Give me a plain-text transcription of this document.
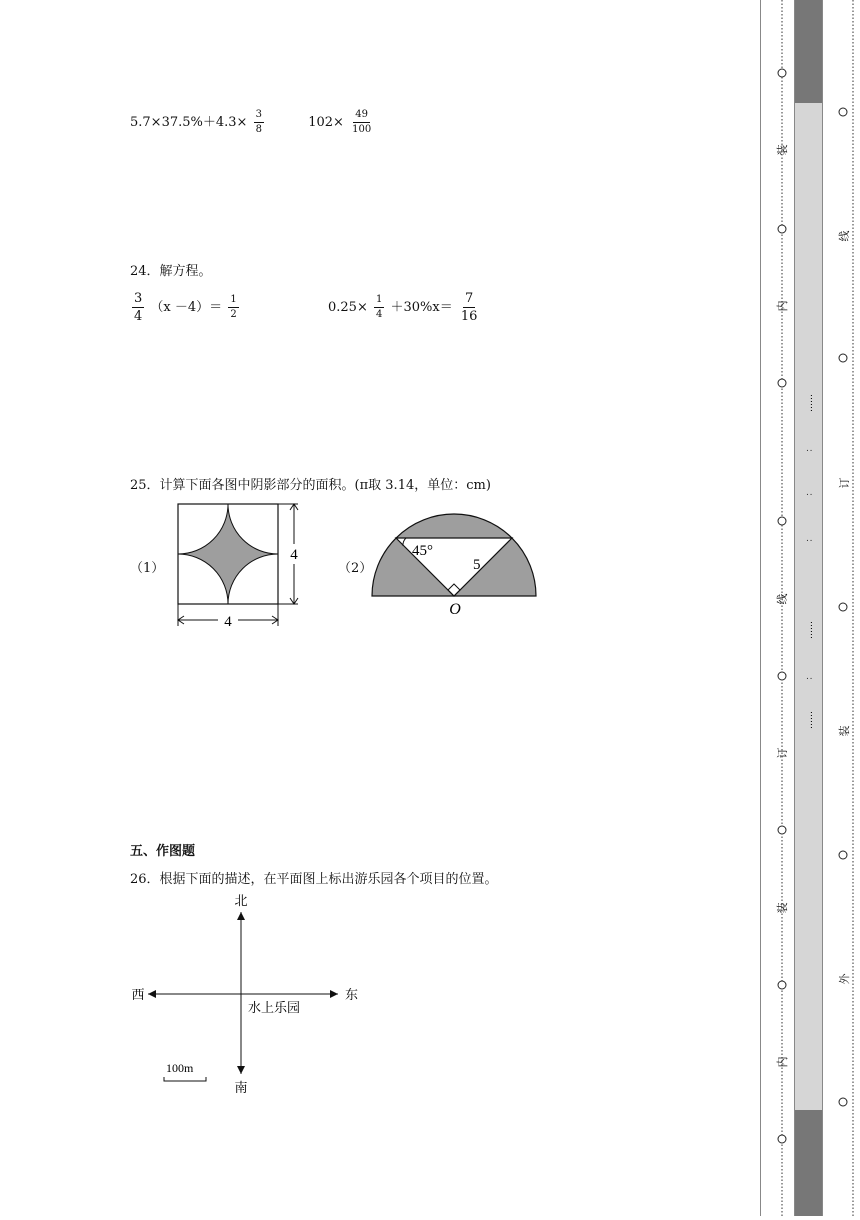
$5.7\times 37.5\%+4.3\times \frac{3}{8}$	$102\times \frac{49}{100}$
24．解方程。
$\frac{3}{4} (x -4)= \frac{1}{2}$	$0.25\times \frac{1}{4} +30\%x= \frac{7}{16}$
25．计算下面各图中阴影部分的面积。(π取 3.14，单位：cm)
（1）
4
4
（2）
45°
5
O
五、作图题
26．根据下面的描述，在平面图上标出游乐园各个项目的位置。
北
南
西	东
水上乐园
100m
装
内
线
订
装
内
线
订
装
外
……
：
：
：
……
：
……
